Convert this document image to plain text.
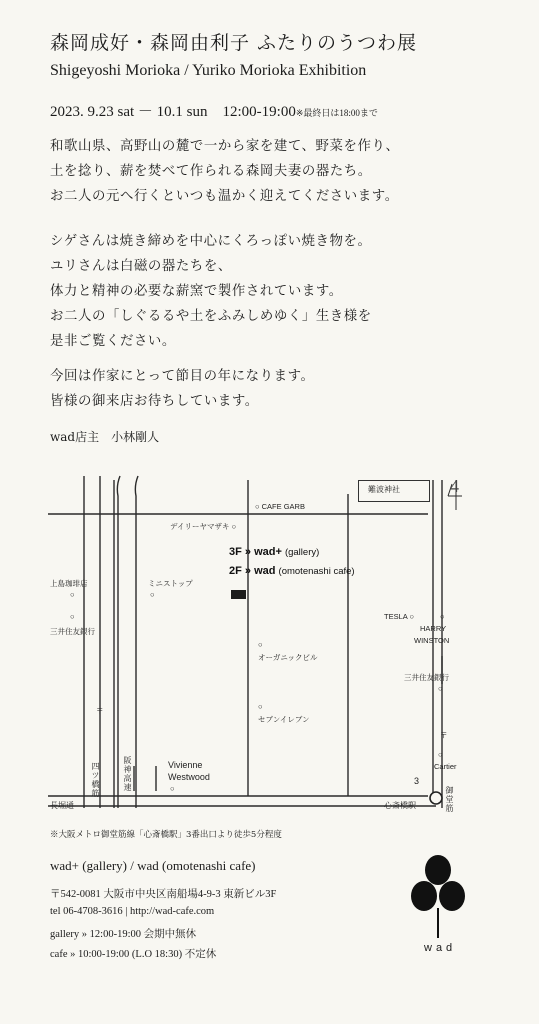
森岡成好・森岡由利子 ふたりのうつわ展
Shigeyoshi Morioka / Yuriko Morioka Exhibition
2023. 9.23 sat － 10.1 sun　12:00-19:00※最終日は18:00まで
和歌山県、高野山の麓で一から家を建て、野菜を作り、
土を捻り、薪を焚べて作られる森岡夫妻の器たち。
お二人の元へ行くといつも温かく迎えてくださいます。
シゲさんは焼き締めを中心にくろっぽい焼き物を。
ユリさんは白磁の器たちを、
体力と精神の必要な薪窯で製作されています。
お二人の「しぐるるや土をふみしめゆく」生き様を
是非ご覧ください。
今回は作家にとって節目の年になります。
皆様の御来店お待ちしています。
wad店主　小林剛人
難波神社
○ CAFE GARB
デイリーヤマザキ ○
3F » wad+ (gallery)
2F » wad (omotenashi cafe)
上島珈琲店
○
ミニストップ
○
○
三井住友銀行
TESLA ○	○
HARRY
WINSTON
○
オーガニックビル
三井住友銀行
○
〒
○
セブンイレブン
〒
○
Cartier
Vivienne
Westwood
○
四ツ橋筋	阪神高速
御堂筋
長堀通	心斎橋駅
3
4
※大阪メトロ御堂筋線「心斎橋駅」3番出口より徒歩5分程度
wad+ (gallery) / wad (omotenashi cafe)
〒542-0081 大阪市中央区南船場4-9-3 東新ビル3F
tel 06-4708-3616 | http://wad-cafe.com
gallery » 12:00-19:00 会期中無休
cafe » 10:00-19:00 (L.O 18:30) 不定休
wad
